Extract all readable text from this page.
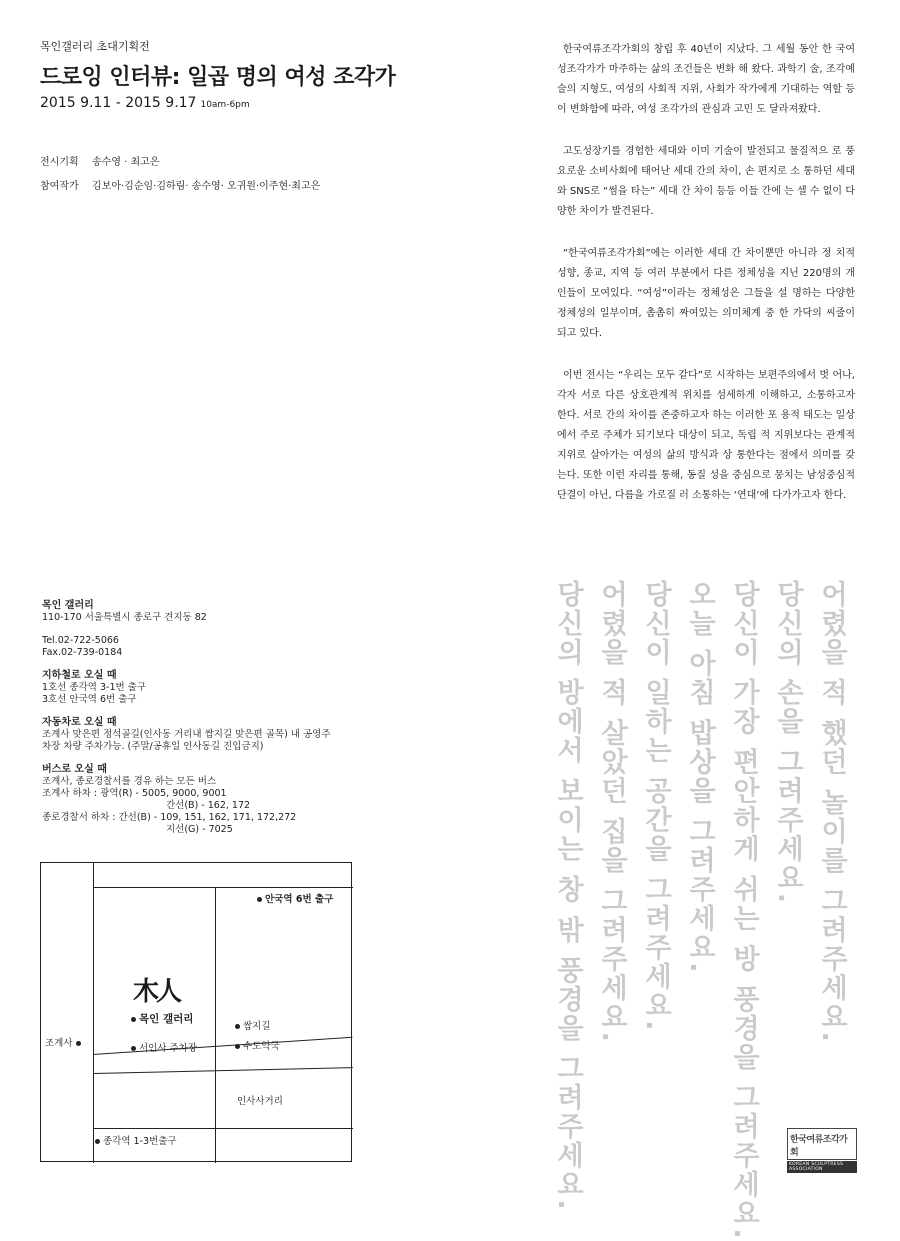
목인갤러리 초대기획전
드로잉 인터뷰: 일곱 명의 여성 조각가
2015 9.11 - 2015 9.17 10am-6pm
전시기획 송수영 · 최고은
참여작가 김보아·김순임·김하림· 송수영· 오귀원·이주현·최고은

한국여류조각가회의 창립 후 40년이 지났다. 그 세월 동안 한 국여성조각가가 마주하는 삶의 조건들은 변화 해 왔다. 과학기 술, 조각예술의 지형도, 여성의 사회적 지위, 사회가 작가에게 기대하는 역할 등이 변화함에 따라, 여성 조각가의 관심과 고민 도 달라져왔다.

고도성장기를 경험한 세대와 이미 기술이 발전되고 물질적으 로 풍요로운 소비사회에 태어난 세대 간의 차이, 손 편지로 소 통하던 세대와 SNS로 “썸을 타는” 세대 간 차이 등등 이들 간에 는 셀 수 없이 다양한 차이가 발견된다.

“한국여류조각가회”에는 이러한 세대 간 차이뿐만 아니라 정 치적 성향, 종교, 지역 등 여러 부분에서 다른 정체성을 지닌 220명의 개인들이 모여있다. “여성”이라는 정체성은 그들을 설 명하는 다양한 정체성의 일부이며, 촘촘히 짜여있는 의미체계 중 한 가닥의 씨줄이 되고 있다.

이번 전시는 “우리는 모두 같다”로 시작하는 보편주의에서 벗 어나, 각자 서로 다른 상호관계적 위치를 섬세하게 이해하고, 소통하고자 한다. 서로 간의 차이를 존중하고자 하는 이러한 포 용적 태도는 일상에서 주로 주체가 되기보다 대상이 되고, 독립 적 지위보다는 관계적 지위로 살아가는 여성의 삶의 방식과 상 통한다는 점에서 의미를 갖는다. 또한 이런 자리를 통해, 동질 성을 중심으로 뭉치는 남성중심적 단결이 아닌, 다름을 가로질 러 소통하는 ‘연대’에 다가가고자 한다.

어렸을 적 했던 놀이를 그려주세요.
당신의 손을 그려주세요.
당신이 가장 편안하게 쉬는 방 풍경을 그려주세요.
오늘 아침 밥상을 그려주세요.
당신이 일하는 공간을 그려주세요.
어렸을 적 살았던 집을 그려주세요.
당신의 방에서 보이는 창 밖 풍경을 그려주세요.
목인 갤러리
110-170 서울특별시 종로구 견지동 82
Tel.02-722-5066
Fax.02-739-0184
지하철로 오실 때
1호선 종각역 3-1번 출구
3호선 안국역 6번 출구
자동차로 오실 때
조계사 맞은편 정석골길(인사동 거리내 쌈지길 맞은편 골목) 내 공영주
차장 차량 주차가능. (주말/공휴일 인사동길 진입금지)
버스로 오실 때
조계사, 종로경찰서를 경유 하는 모든 버스
조계사 하차 : 광역(R) - 5005, 9000, 9001
간선(B) - 162, 172
종로경찰서 하차 : 간선(B) - 109, 151, 162, 171, 172,272
지선(G) - 7025
안국역 6번 출구
木人
목인 갤러리
쌈지길
조계사	서인사 주차장	수도약국
인사사거리
종각역 1-3번출구	한국여류조각가회
KOREAN SCULPTRESS ASSOCIATION
